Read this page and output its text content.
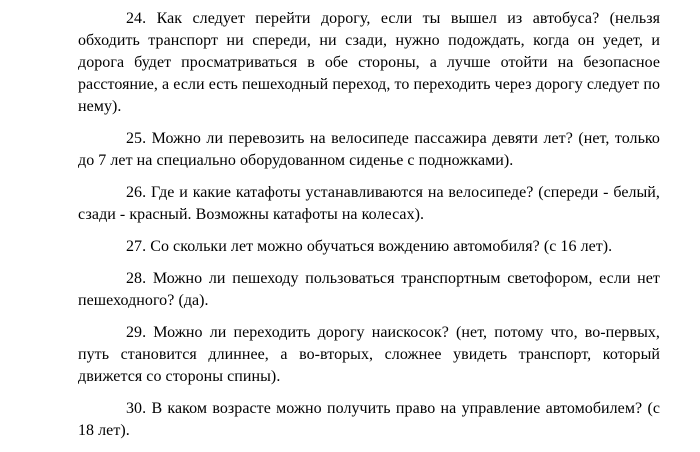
24. Как следует перейти дорогу, если ты вышел из автобуса? (нельзя обходить транспорт ни спереди, ни сзади, нужно подождать, когда он уедет, и дорога будет просматриваться в обе стороны, а лучше отойти на безопасное расстояние, а если есть пешеходный переход, то переходить через дорогу следует по нему).

25. Можно ли перевозить на велосипеде пассажира девяти лет? (нет, только до 7 лет на специально оборудованном сиденье с подножками).

26. Где и какие катафоты устанавливаются на велосипеде? (спереди - белый, сзади - красный. Возможны катафоты на колесах).

27. Со скольки лет можно обучаться вождению автомобиля? (с 16 лет).

28. Можно ли пешеходу пользоваться транспортным светофором, если нет пешеходного? (да).

29. Можно ли переходить дорогу наискосок? (нет, потому что, во-первых, путь становится длиннее, а во-вторых, сложнее увидеть транспорт, который движется со стороны спины).

30. В каком возрасте можно получить право на управление автомобилем? (с 18 лет).
